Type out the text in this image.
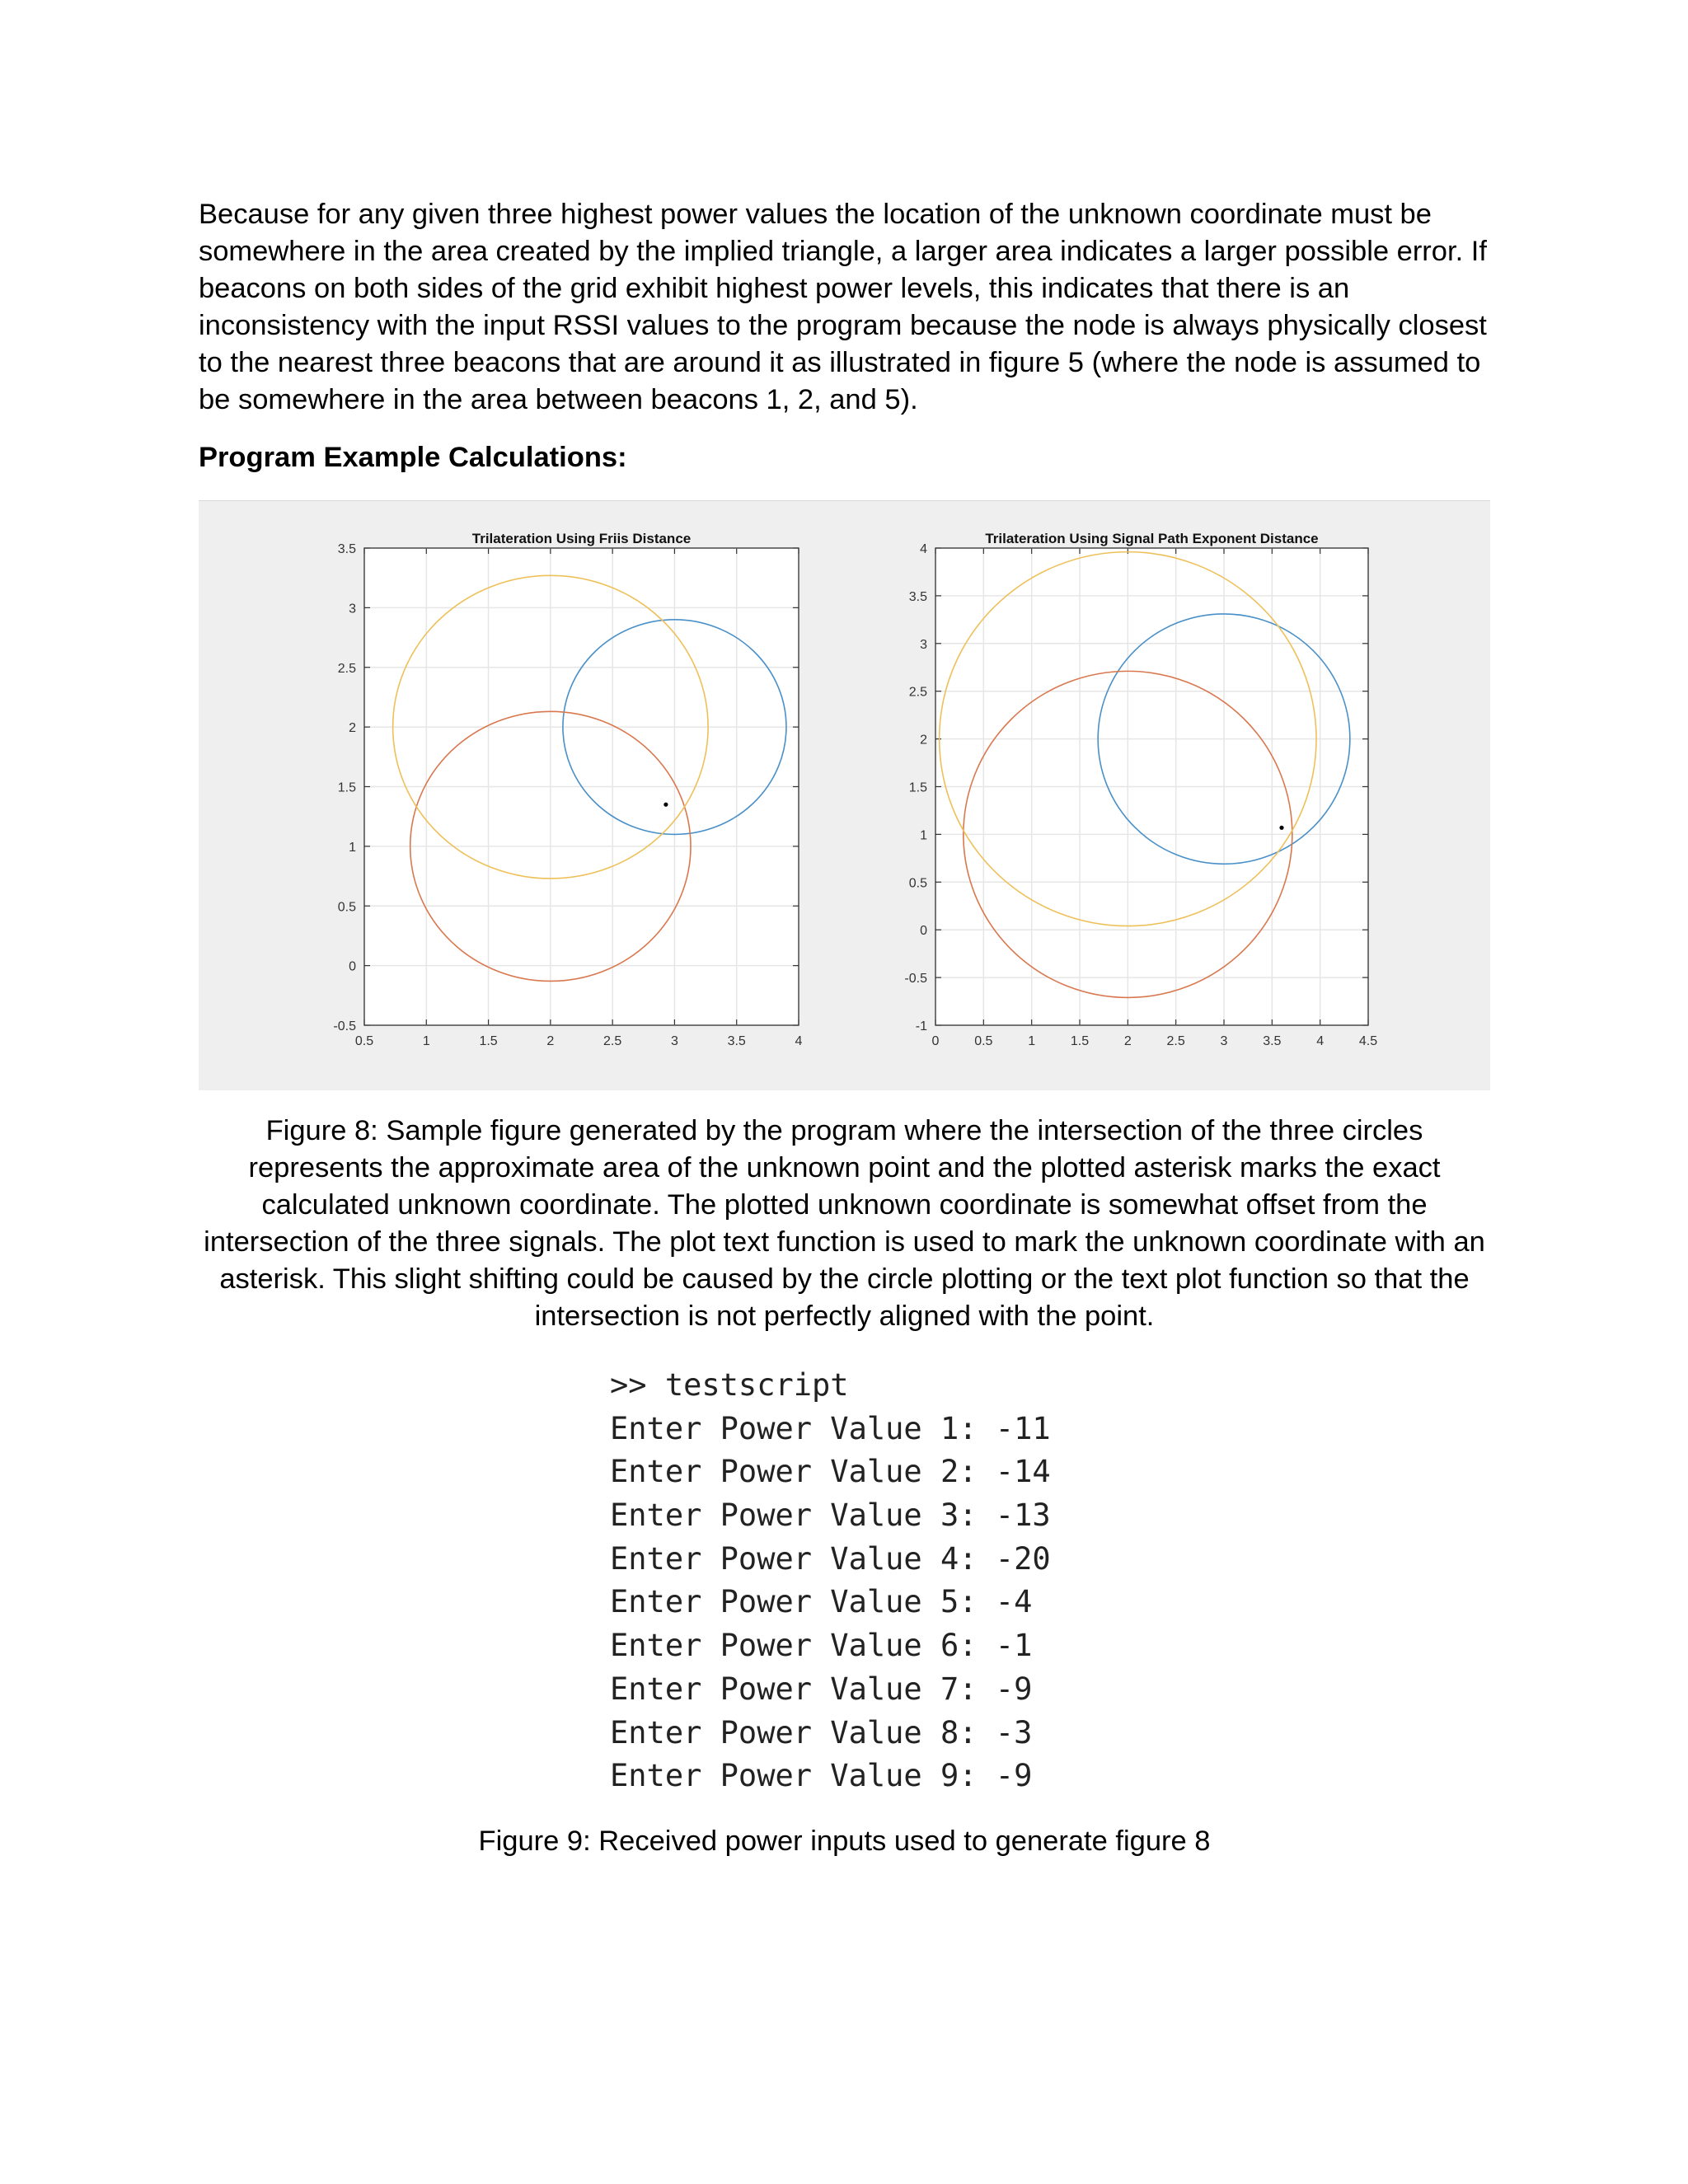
Because for any given three highest power values the location of the unknown coordinate must be somewhere in the area created by the implied triangle, a larger area indicates a larger possible error. If beacons on both sides of the grid exhibit highest power levels, this indicates that there is an inconsistency with the input RSSI values to the program because the node is always physically closest to the nearest three beacons that are around it as illustrated in figure 5 (where the node is assumed to be somewhere in the area between beacons 1, 2, and 5).
Program Example Calculations:
0.5	1	1.5	2	2.5	3	3.5	4
-0.5
0
0.5
1
1.5
2
2.5
3
3.5
Trilateration Using Friis Distance
0	0.5	1	1.5	2	2.5	3	3.5	4	4.5
-1
-0.5
0
0.5
1
1.5
2
2.5
3
3.5
4
Trilateration Using Signal Path Exponent Distance
Figure 8: Sample figure generated by the program where the intersection of the three circles represents the approximate area of the unknown point and the plotted asterisk marks the exact calculated unknown coordinate. The plotted unknown coordinate is somewhat offset from the intersection of the three signals. The plot text function is used to mark the unknown coordinate with an asterisk. This slight shifting could be caused by the circle plotting or the text plot function so that the intersection is not perfectly aligned with the point.
>> testscript
Enter Power Value 1: -11
Enter Power Value 2: -14
Enter Power Value 3: -13
Enter Power Value 4: -20
Enter Power Value 5: -4
Enter Power Value 6: -1
Enter Power Value 7: -9
Enter Power Value 8: -3
Enter Power Value 9: -9
Figure 9: Received power inputs used to generate figure 8
